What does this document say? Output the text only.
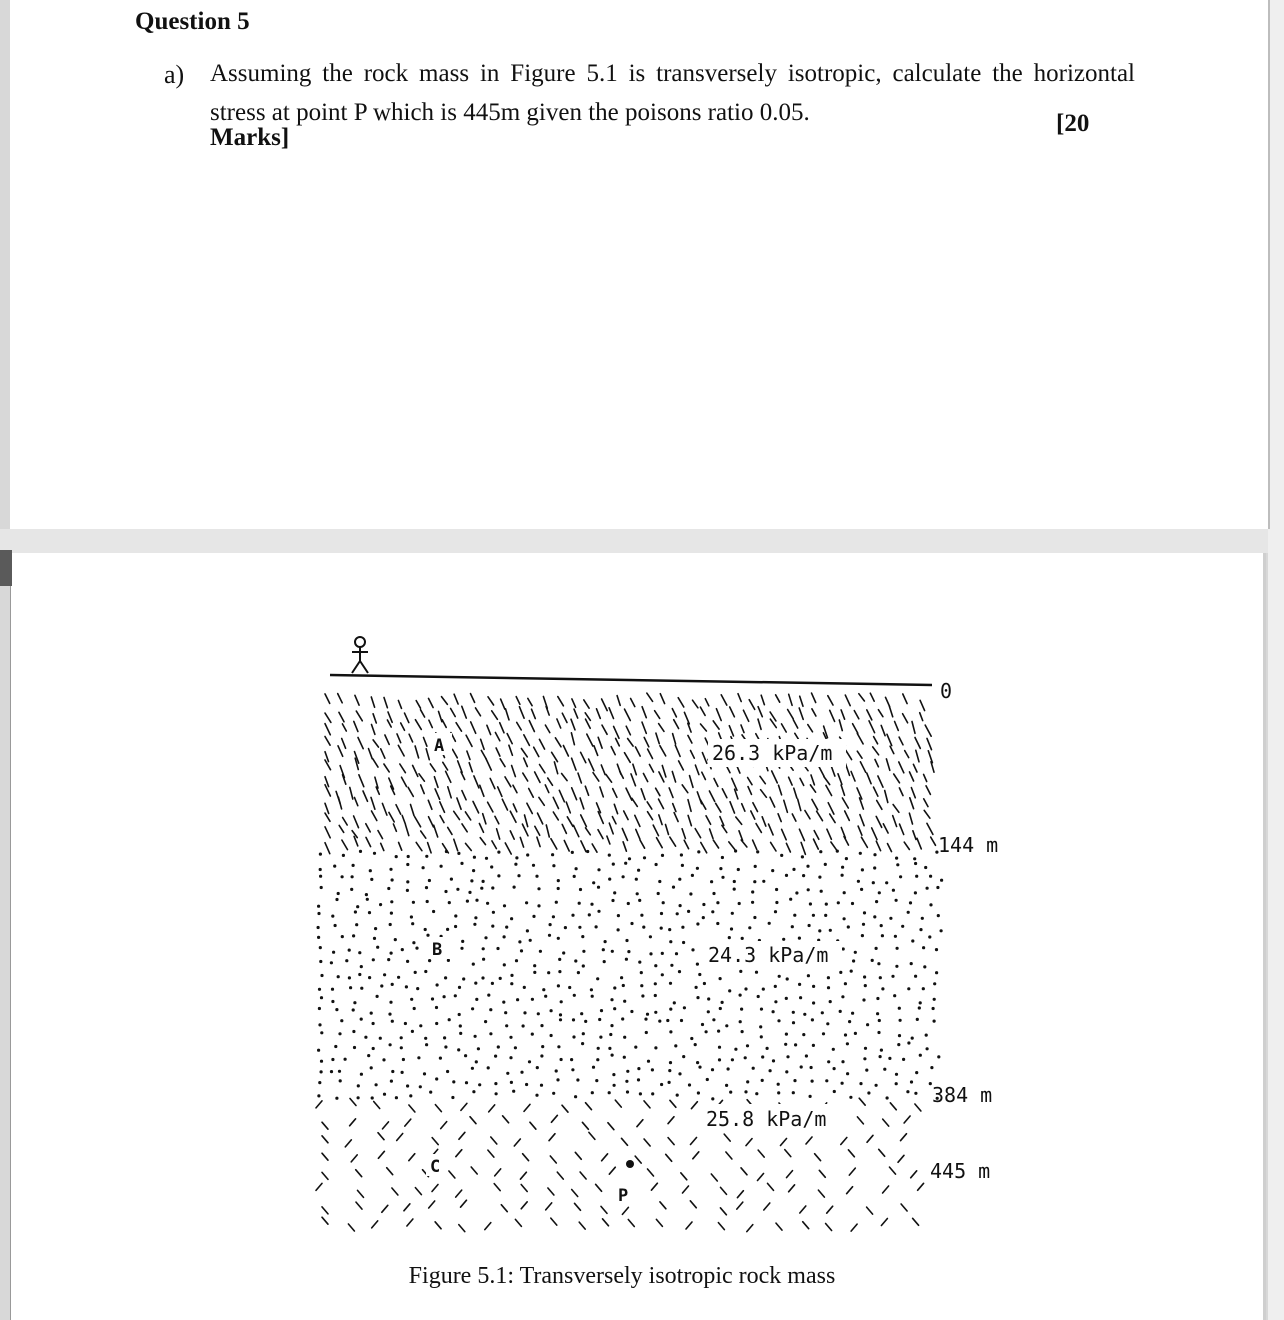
Question 5
a) Assuming the rock mass in Figure 5.1 is transversely isotropic, calculate the horizontal
stress at point P which is 445m given the poisons ratio 0.05.	[20
Marks]
0
A	26.3 kPa/m
144 m
B	24.3 kPa/m
384 m
C
25.8 kPa/m
445 m
P
Figure 5.1: Transversely isotropic rock mass
